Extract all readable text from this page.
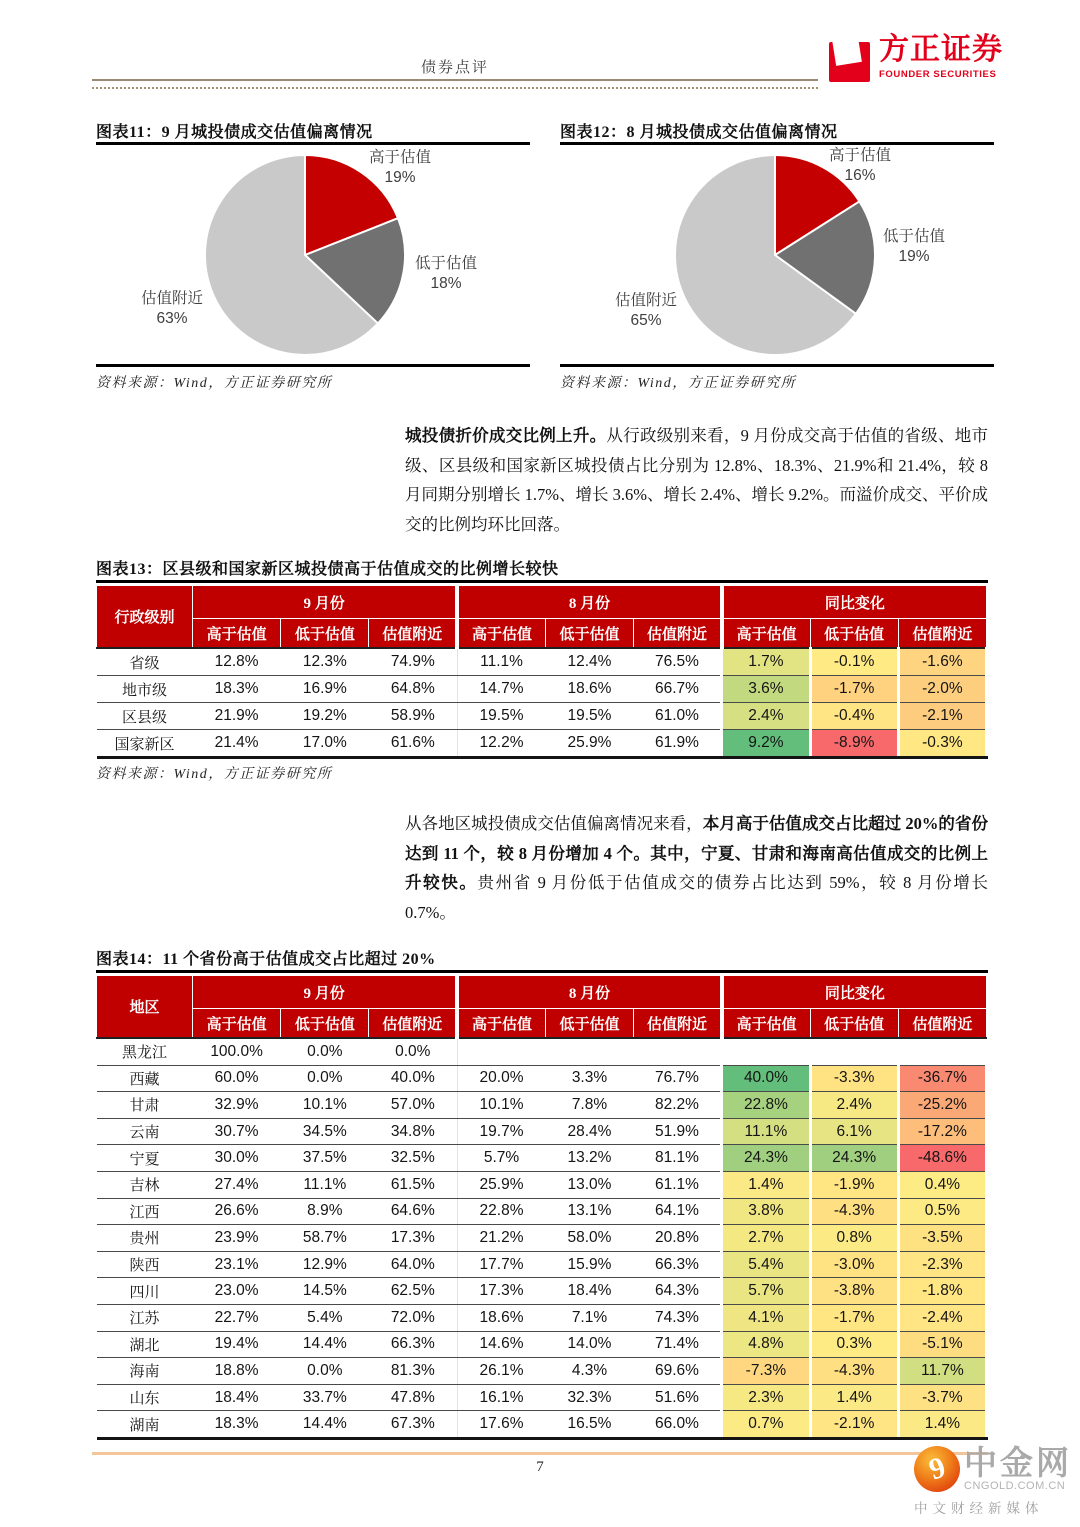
债券点评
方正证券
FOUNDER SECURITIES
图表11：9 月城投债成交估值偏离情况
高于估值
19%
低于估值
18%
估值附近
63%
资料来源：Wind，方正证券研究所
图表12：8 月城投债成交估值偏离情况
高于估值
16%
低于估值
19%
估值附近
65%
资料来源：Wind，方正证券研究所

城投债折价成交比例上升。从行政级别来看，9 月份成交高于估值的省级、地市级、区县级和国家新区城投债占比分别为 12.8%、18.3%、21.9%和 21.4%，较 8 月同期分别增长 1.7%、增长 3.6%、增长 2.4%、增长 9.2%。而溢价成交、平价成交的比例均环比回落。

图表13：区县级和国家新区城投债高于估值成交的比例增长较快
行政级别	9 月份			8 月份			同比变化		
	高于估值	低于估值	估值附近	高于估值	低于估值	估值附近	高于估值	低于估值	估值附近
省级	12.8%	12.3%	74.9%	11.1%	12.4%	76.5%	1.7%	-0.1%	-1.6%
地市级	18.3%	16.9%	64.8%	14.7%	18.6%	66.7%	3.6%	-1.7%	-2.0%
区县级	21.9%	19.2%	58.9%	19.5%	19.5%	61.0%	2.4%	-0.4%	-2.1%
国家新区	21.4%	17.0%	61.6%	12.2%	25.9%	61.9%	9.2%	-8.9%	-0.3%
资料来源：Wind，方正证券研究所

从各地区城投债成交估值偏离情况来看，本月高于估值成交占比超过 20%的省份达到 11 个，较 8 月份增加 4 个。其中，宁夏、甘肃和海南高估值成交的比例上升较快。贵州省 9 月份低于估值成交的债券占比达到 59%，较 8 月份增长 0.7%。

图表14：11 个省份高于估值成交占比超过 20%
地区	9 月份			8 月份			同比变化		
	高于估值	低于估值	估值附近	高于估值	低于估值	估值附近	高于估值	低于估值	估值附近
黑龙江	100.0%	0.0%	0.0%						
西藏	60.0%	0.0%	40.0%	20.0%	3.3%	76.7%	40.0%	-3.3%	-36.7%
甘肃	32.9%	10.1%	57.0%	10.1%	7.8%	82.2%	22.8%	2.4%	-25.2%
云南	30.7%	34.5%	34.8%	19.7%	28.4%	51.9%	11.1%	6.1%	-17.2%
宁夏	30.0%	37.5%	32.5%	5.7%	13.2%	81.1%	24.3%	24.3%	-48.6%
吉林	27.4%	11.1%	61.5%	25.9%	13.0%	61.1%	1.4%	-1.9%	0.4%
江西	26.6%	8.9%	64.6%	22.8%	13.1%	64.1%	3.8%	-4.3%	0.5%
贵州	23.9%	58.7%	17.3%	21.2%	58.0%	20.8%	2.7%	0.8%	-3.5%
陕西	23.1%	12.9%	64.0%	17.7%	15.9%	66.3%	5.4%	-3.0%	-2.3%
四川	23.0%	14.5%	62.5%	17.3%	18.4%	64.3%	5.7%	-3.8%	-1.8%
江苏	22.7%	5.4%	72.0%	18.6%	7.1%	74.3%	4.1%	-1.7%	-2.4%
湖北	19.4%	14.4%	66.3%	14.6%	14.0%	71.4%	4.8%	0.3%	-5.1%
海南	18.8%	0.0%	81.3%	26.1%	4.3%	69.6%	-7.3%	-4.3%	11.7%
山东	18.4%	33.7%	47.8%	16.1%	32.3%	51.6%	2.3%	1.4%	-3.7%
湖南	18.3%	14.4%	67.3%	17.6%	16.5%	66.0%	0.7%	-2.1%	1.4%
7	9 中金网
CNGOLD.COM.CN
中文财经新媒体
